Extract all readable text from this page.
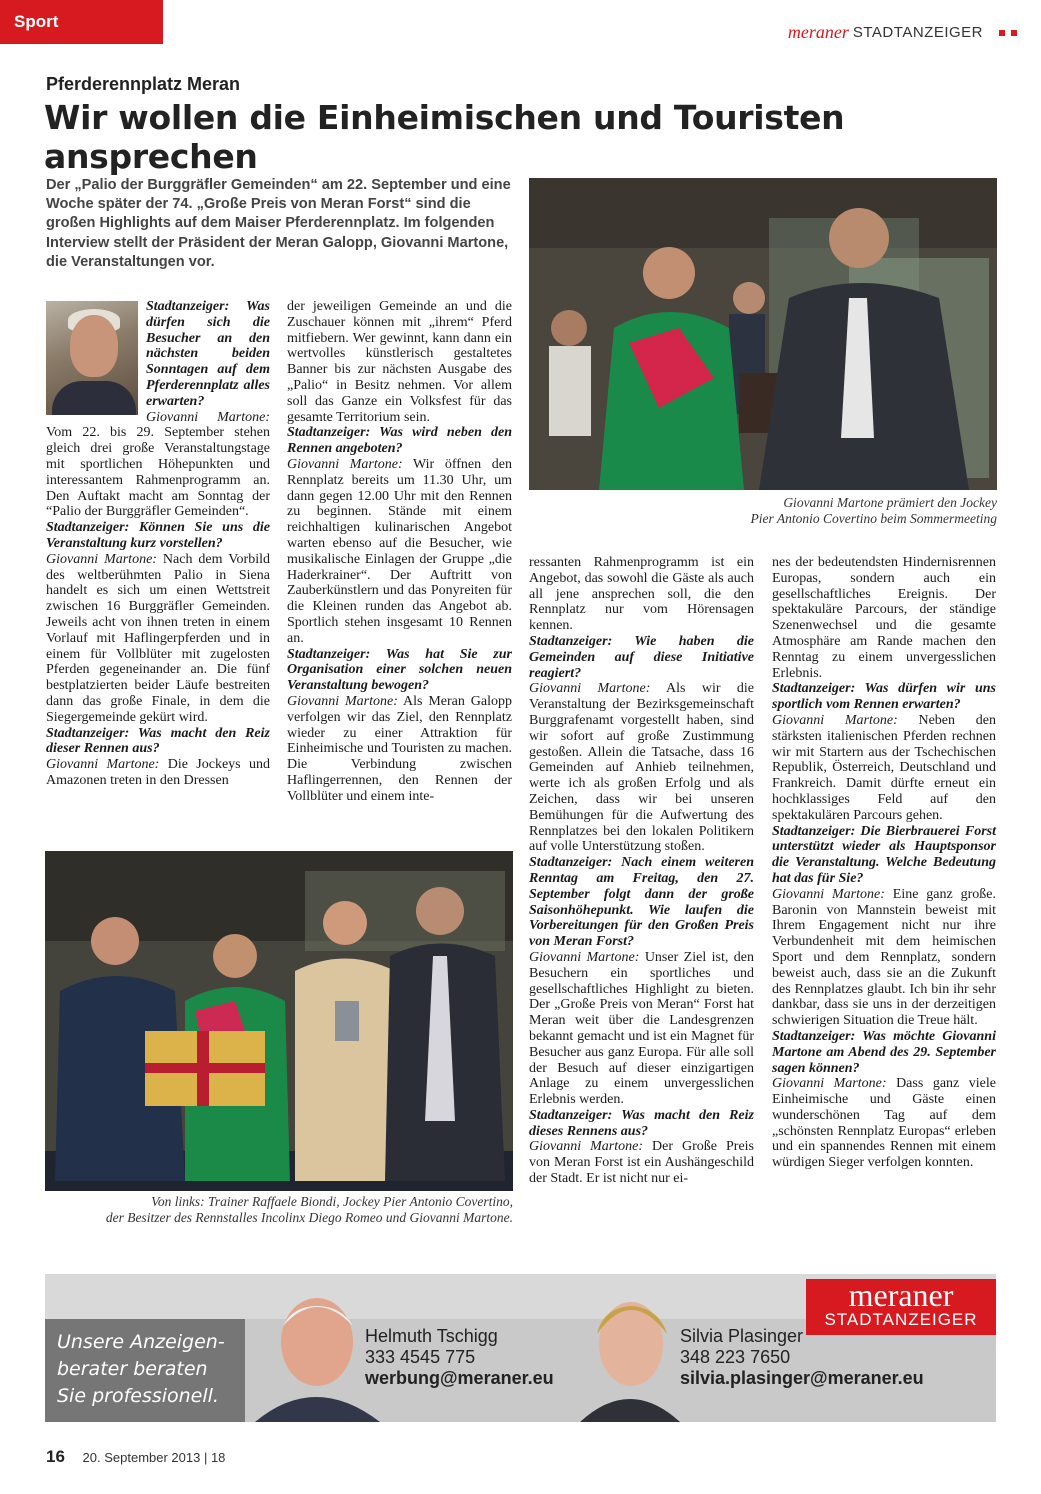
Sport
meraner STADTANZEIGER
Pferderennplatz Meran
Wir wollen die Einheimischen und Touristen ansprechen
Der „Palio der Burggräfler Gemeinden“ am 22. September und eine Woche später der 74. „Große Preis von Meran Forst“ sind die großen Highlights auf dem Maiser Pferderennplatz. Im folgenden Interview stellt der Präsident der Meran Galopp, Giovanni Martone, die Veranstaltungen vor.

Stadtanzeiger: Was dürfen sich die Besucher an den nächsten beiden Sonntagen auf dem Pferderennplatz alles erwarten?

Giovanni Martone: Vom 22. bis 29. September stehen gleich drei große Veranstaltungstage mit sportlichen Höhepunkten und interessantem Rahmenprogramm an. Den Auftakt macht am Sonntag der “Palio der Burggräfler Gemeinden“.

Stadtanzeiger: Können Sie uns die Veranstaltung kurz vorstellen?

Giovanni Martone: Nach dem Vorbild des weltberühmten Palio in Siena handelt es sich um einen Wettstreit zwischen 16 Burggräfler Gemeinden. Jeweils acht von ihnen treten in einem Vorlauf mit Haflingerpferden und in einem für Vollblüter mit zugelosten Pferden gegeneinander an. Die fünf bestplatzierten beider Läufe bestreiten dann das große Finale, in dem die Siegergemeinde gekürt wird.

Stadtanzeiger: Was macht den Reiz dieser Rennen aus?

Giovanni Martone: Die Jockeys und Amazonen treten in den Dressen

der jeweiligen Gemeinde an und die Zuschauer können mit „ihrem“ Pferd mitfiebern. Wer gewinnt, kann dann ein wertvolles künstlerisch gestaltetes Banner bis zur nächsten Ausgabe des „Palio“ in Besitz nehmen. Vor allem soll das Ganze ein Volksfest für das gesamte Territorium sein.

Stadtanzeiger: Was wird neben den Rennen angeboten?

Giovanni Martone: Wir öffnen den Rennplatz bereits um 11.30 Uhr, um dann gegen 12.00 Uhr mit den Rennen zu beginnen. Stände mit einem reichhaltigen kulinarischen Angebot warten ebenso auf die Besucher, wie musikalische Einlagen der Gruppe „die Haderkrainer“. Der Auftritt von Zauberkünstlern und das Ponyreiten für die Kleinen runden das Angebot ab. Sportlich stehen insgesamt 10 Rennen an.

Stadtanzeiger: Was hat Sie zur Organisation einer solchen neuen Veranstaltung bewogen?

Giovanni Martone: Als Meran Galopp verfolgen wir das Ziel, den Rennplatz wieder zu einer Attraktion für Einheimische und Touristen zu machen. Die Verbindung zwischen Haflingerrennen, den Rennen der Vollblüter und einem inte-

ressanten Rahmenprogramm ist ein Angebot, das sowohl die Gäste als auch all jene ansprechen soll, die den Rennplatz nur vom Hörensagen kennen.

Stadtanzeiger: Wie haben die Gemeinden auf diese Initiative reagiert?

Giovanni Martone: Als wir die Veranstaltung der Bezirksgemeinschaft Burggrafenamt vorgestellt haben, sind wir sofort auf große Zustimmung gestoßen. Allein die Tatsache, dass 16 Gemeinden auf Anhieb teilnehmen, werte ich als großen Erfolg und als Zeichen, dass wir bei unseren Bemühungen für die Aufwertung des Rennplatzes bei den lokalen Politikern auf volle Unterstützung stoßen.

Stadtanzeiger: Nach einem weiteren Renntag am Freitag, den 27. September folgt dann der große Saisonhöhepunkt. Wie laufen die Vorbereitungen für den Großen Preis von Meran Forst?

Giovanni Martone: Unser Ziel ist, den Besuchern ein sportliches und gesellschaftliches Highlight zu bieten. Der „Große Preis von Meran“ Forst hat Meran weit über die Landesgrenzen bekannt gemacht und ist ein Magnet für Besucher aus ganz Europa. Für alle soll der Besuch auf dieser einzigartigen Anlage zu einem unvergesslichen Erlebnis werden.

Stadtanzeiger: Was macht den Reiz dieses Rennens aus?

Giovanni Martone: Der Große Preis von Meran Forst ist ein Aushängeschild der Stadt. Er ist nicht nur ei-

nes der bedeutendsten Hindernisrennen Europas, sondern auch ein gesellschaftliches Ereignis. Der spektakuläre Parcours, der ständige Szenenwechsel und die gesamte Atmosphäre am Rande machen den Renntag zu einem unvergesslichen Erlebnis.

Stadtanzeiger: Was dürfen wir uns sportlich vom Rennen erwarten?

Giovanni Martone: Neben den stärksten italienischen Pferden rechnen wir mit Startern aus der Tschechischen Republik, Österreich, Deutschland und Frankreich. Damit dürfte erneut ein hochklassiges Feld auf den spektakulären Parcours gehen.

Stadtanzeiger: Die Bierbrauerei Forst unterstützt wieder als Hauptsponsor die Veranstaltung. Welche Bedeutung hat das für Sie?

Giovanni Martone: Eine ganz große. Baronin von Mannstein beweist mit Ihrem Engagement nicht nur ihre Verbundenheit mit dem heimischen Sport und dem Rennplatz, sondern beweist auch, dass sie an die Zukunft des Rennplatzes glaubt. Ich bin ihr sehr dankbar, dass sie uns in der derzeitigen schwierigen Situation die Treue hält.

Stadtanzeiger: Was möchte Giovanni Martone am Abend des 29. September sagen können?

Giovanni Martone: Dass ganz viele Einheimische und Gäste einen wunderschönen Tag auf dem „schönsten Rennplatz Europas“ erleben und ein spannendes Rennen mit einem würdigen Sieger verfolgen konnten.

Giovanni Martone prämiert den Jockey
Pier Antonio Covertino beim Sommermeeting
Von links: Trainer Raffaele Biondi, Jockey Pier Antonio Covertino,
der Besitzer des Rennstalles Incolinx Diego Romeo und Giovanni Martone.
Unsere Anzeigen-
berater beraten
Sie professionell.
Helmuth Tschigg
333 4545 775
werbung@meraner.eu
Silvia Plasinger
348 223 7650
silvia.plasinger@meraner.eu
meraner
STADTANZEIGER
16 20. September 2013 | 18
